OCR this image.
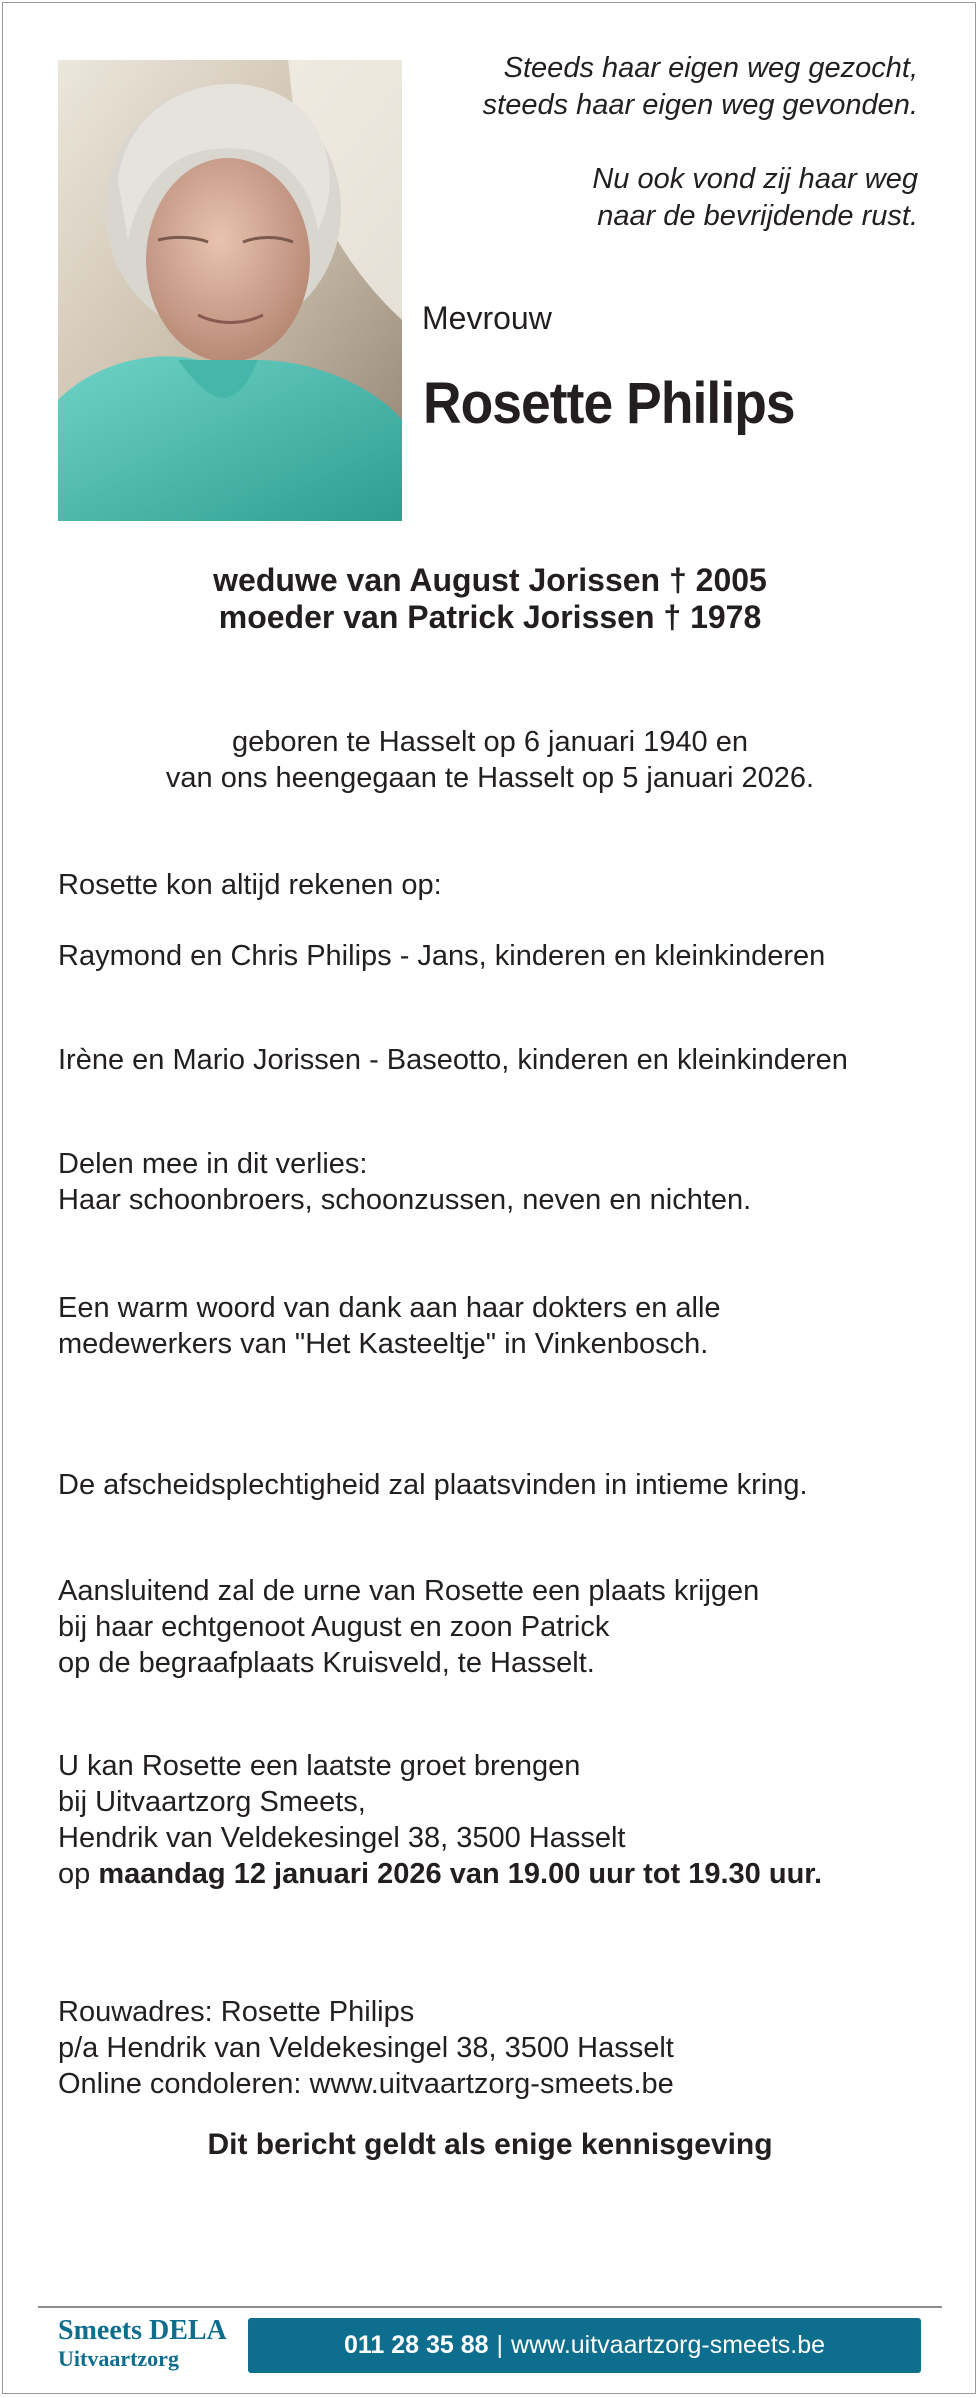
Steeds haar eigen weg gezocht,
steeds haar eigen weg gevonden.
Nu ook vond zij haar weg
naar de bevrijdende rust.
Mevrouw
Rosette Philips
weduwe van August Jorissen † 2005
moeder van Patrick Jorissen † 1978
geboren te Hasselt op 6 januari 1940 en
van ons heengegaan te Hasselt op 5 januari 2026.
Rosette kon altijd rekenen op:
Raymond en Chris Philips - Jans, kinderen en kleinkinderen
Irène en Mario Jorissen - Baseotto, kinderen en kleinkinderen
Delen mee in dit verlies:
Haar schoonbroers, schoonzussen, neven en nichten.
Een warm woord van dank aan haar dokters en alle
medewerkers van "Het Kasteeltje" in Vinkenbosch.
De afscheidsplechtigheid zal plaatsvinden in intieme kring.
Aansluitend zal de urne van Rosette een plaats krijgen
bij haar echtgenoot August en zoon Patrick
op de begraafplaats Kruisveld, te Hasselt.
U kan Rosette een laatste groet brengen
bij Uitvaartzorg Smeets,
Hendrik van Veldekesingel 38, 3500 Hasselt
op maandag 12 januari 2026 van 19.00 uur tot 19.30 uur.
Rouwadres: Rosette Philips
p/a Hendrik van Veldekesingel 38, 3500 Hasselt
Online condoleren: www.uitvaartzorg-smeets.be
Dit bericht geldt als enige kennisgeving
Smeets DELA
Uitvaartzorg	011 28 35 88 | www.uitvaartzorg-smeets.be
